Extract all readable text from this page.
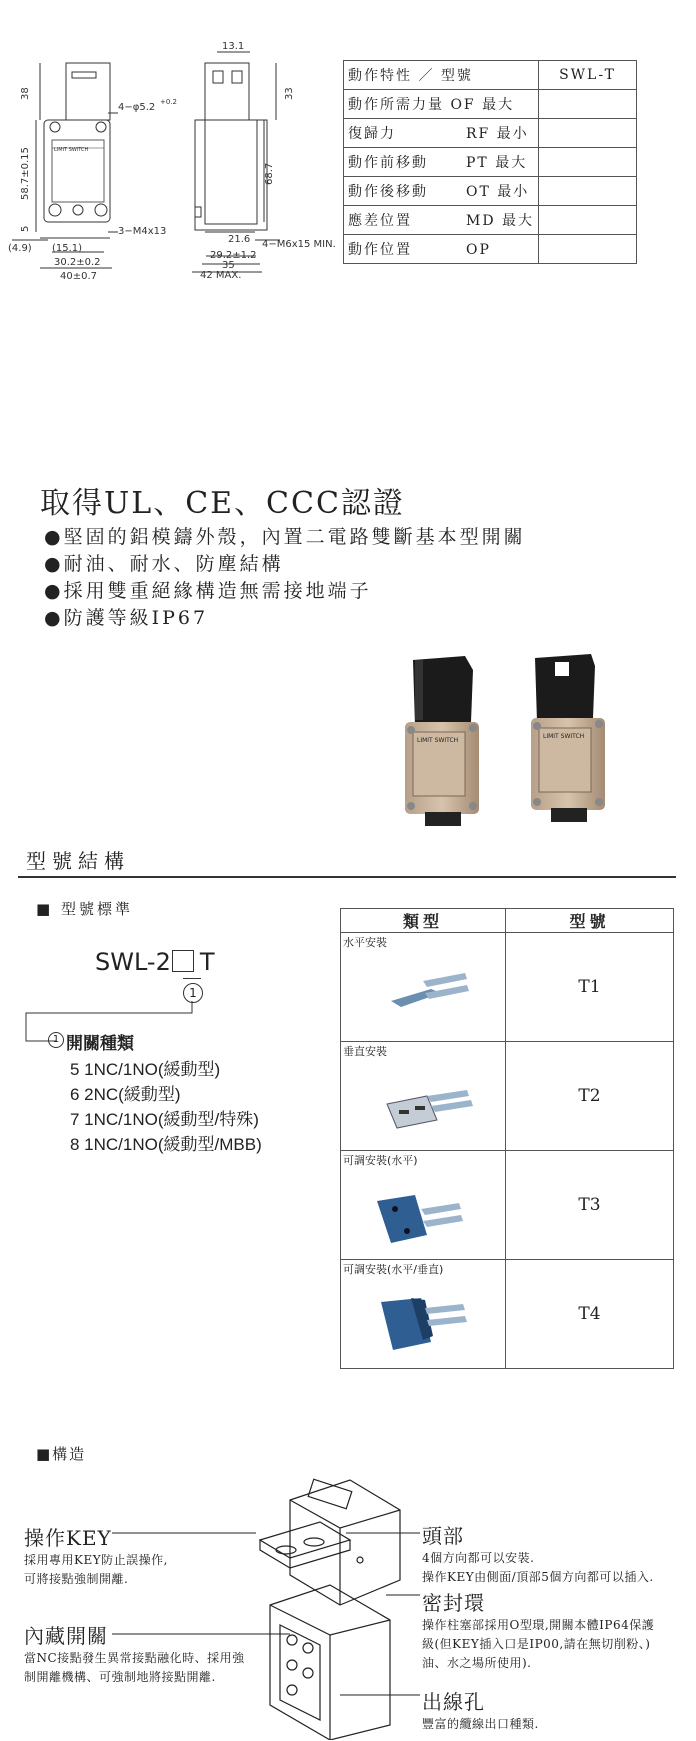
4−φ5.2 +0.2
38
58.7±0.15
5	3−M4x13
(4.9) (15.1)
30.2±0.2
40±0.7
13.1
33
68.7
21.6 4−M6x15 MIN.
29.2±1.2
35
42 MAX.
LIMIT SWITCH
動作特性 ／ 型號	SWL-T
動作所需力量 OF 最大	
復歸力 RF 最小	
動作前移動 PT 最大	
動作後移動 OT 最小	
應差位置 MD 最大	
動作位置 OP	
取得UL、CE、CCC認證
●堅固的鋁模鑄外殼，內置二電路雙斷基本型開關
●耐油、耐水、防塵結構
●採用雙重絕緣構造無需接地端子
●防護等級IP67
LIMIT SWITCH
LIMIT SWITCH
型號結構
■ 型號標準
SWL-2 T
1
1 開關種類
5 1NC/1NO(緩動型)
6 2NC(緩動型)
7 1NC/1NO(緩動型/特殊)
8 1NC/1NO(緩動型/MBB)
類型	型號

水平安裝	T1

垂直安裝	T2

可調安裝(水平)	T3

可調安裝(水平/垂直)	T4
■構造
操作KEY
採用專用KEY防止誤操作,
可將接點強制開離.
內藏開關
當NC接點發生異常接點融化時、採用強
制開離機構、可強制地將接點開離.
頭部
4個方向都可以安裝.
操作KEY由側面/頂部5個方向都可以插入.
密封環
操作柱塞部採用O型環,開關本體IP64保護
級(但KEY插入口是IP00,請在無切削粉、)
油、水之場所使用).
出線孔
豐富的纜線出口種類.
